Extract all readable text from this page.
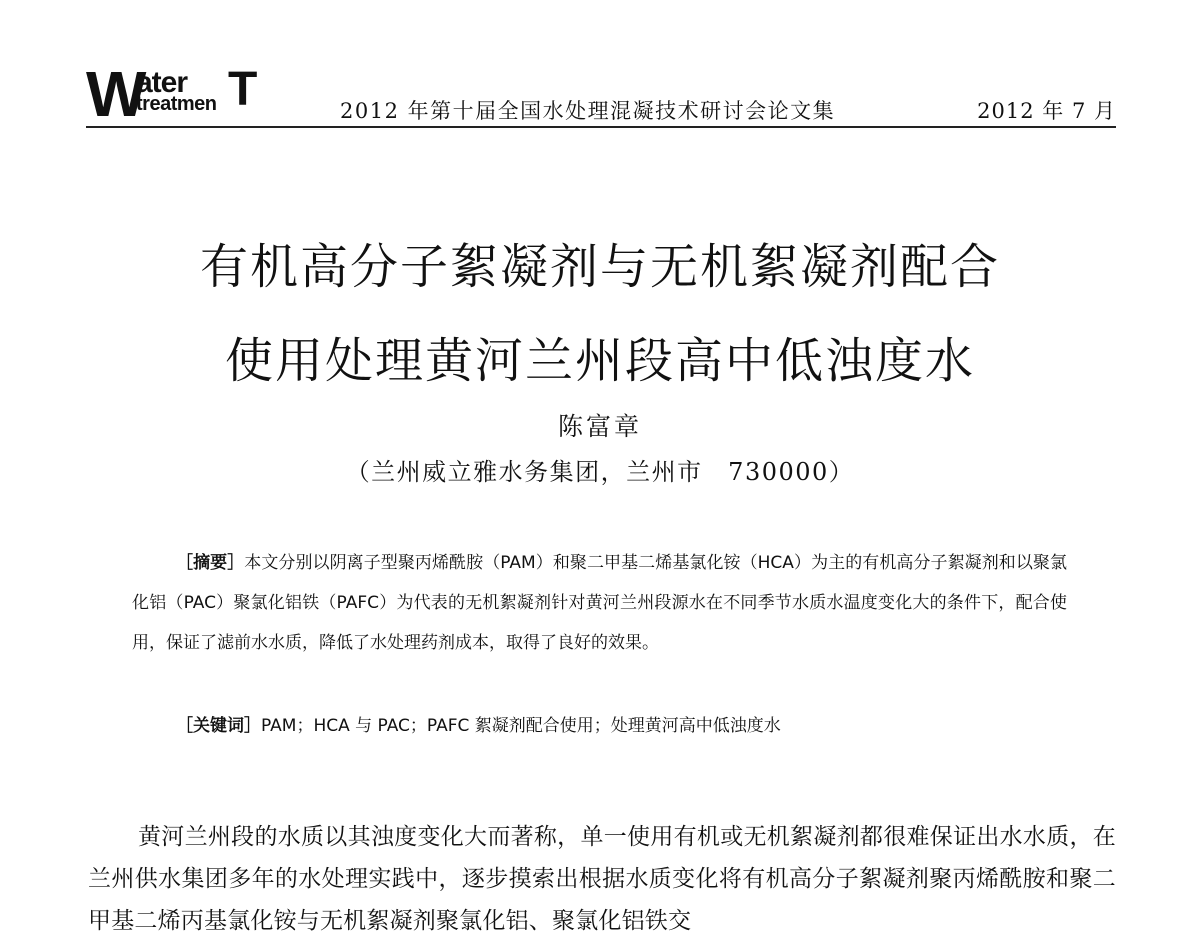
W
ater
treatmen T	2012 年第十届全国水处理混凝技术研讨会论文集	2012 年 7 月
有机高分子絮凝剂与无机絮凝剂配合
使用处理黄河兰州段高中低浊度水
陈富章
（兰州威立雅水务集团，兰州市　730000）

［摘要］本文分别以阴离子型聚丙烯酰胺（PAM）和聚二甲基二烯基氯化铵（HCA）为主的有机高分子絮凝剂和以聚氯化铝（PAC）聚氯化铝铁（PAFC）为代表的无机絮凝剂针对黄河兰州段源水在不同季节水质水温度变化大的条件下，配合使用，保证了滤前水水质，降低了水处理药剂成本，取得了良好的效果。

［关键词］PAM；HCA 与 PAC；PAFC 絮凝剂配合使用；处理黄河高中低浊度水

黄河兰州段的水质以其浊度变化大而著称，单一使用有机或无机絮凝剂都很难保证出水水质，在兰州供水集团多年的水处理实践中，逐步摸索出根据水质变化将有机高分子絮凝剂聚丙烯酰胺和聚二甲基二烯丙基氯化铵与无机絮凝剂聚氯化铝、聚氯化铝铁交
